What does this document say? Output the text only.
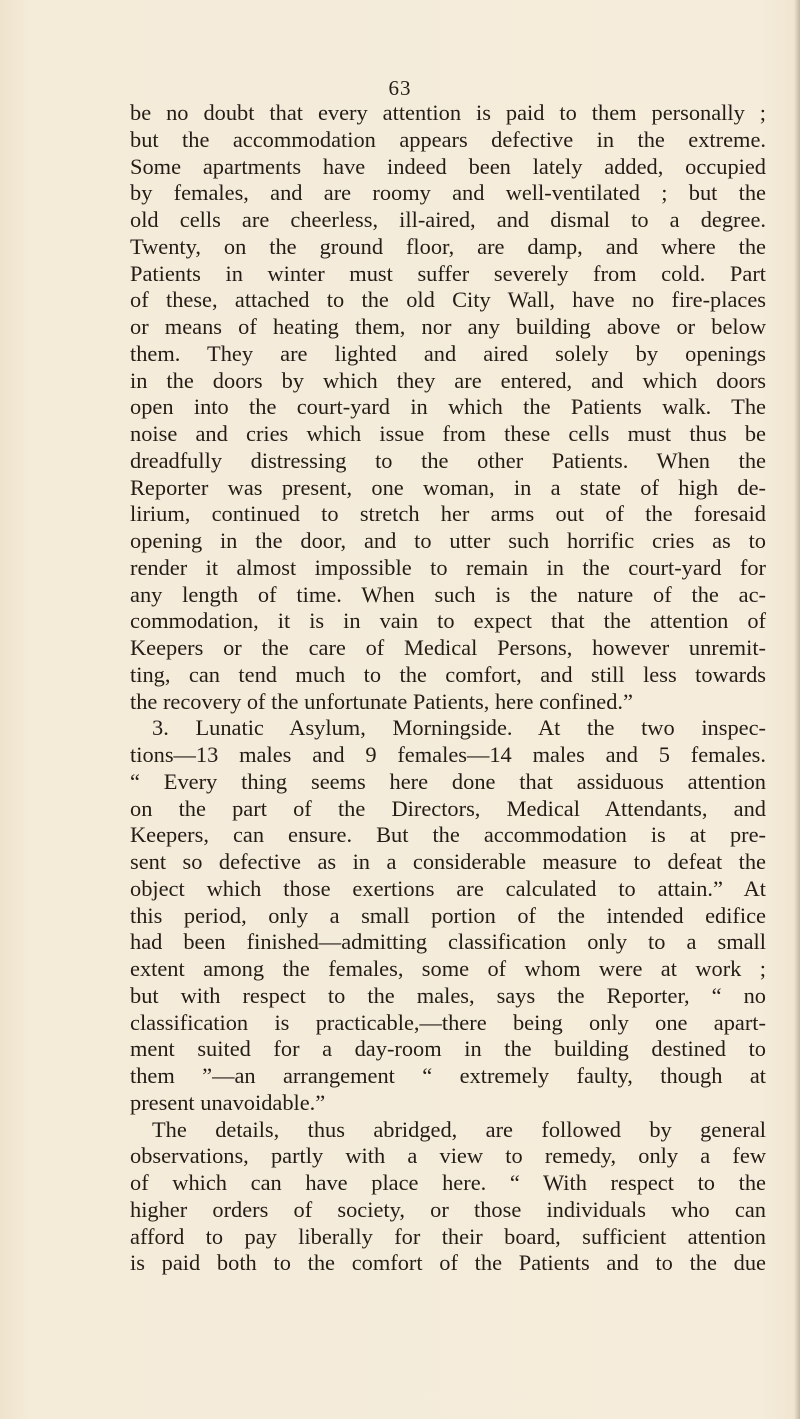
63
be no doubt that every attention is paid to them personally ;
but the accommodation appears defective in the extreme.
Some apartments have indeed been lately added, occupied
by females, and are roomy and well-ventilated ; but the
old cells are cheerless, ill-aired, and dismal to a degree.
Twenty, on the ground floor, are damp, and where the
Patients in winter must suffer severely from cold. Part
of these, attached to the old City Wall, have no fire-places
or means of heating them, nor any building above or below
them. They are lighted and aired solely by openings
in the doors by which they are entered, and which doors
open into the court-yard in which the Patients walk. The
noise and cries which issue from these cells must thus be
dreadfully distressing to the other Patients. When the
Reporter was present, one woman, in a state of high de-
lirium, continued to stretch her arms out of the foresaid
opening in the door, and to utter such horrific cries as to
render it almost impossible to remain in the court-yard for
any length of time. When such is the nature of the ac-
commodation, it is in vain to expect that the attention of
Keepers or the care of Medical Persons, however unremit-
ting, can tend much to the comfort, and still less towards
the recovery of the unfortunate Patients, here confined.”
3. Lunatic Asylum, Morningside. At the two inspec-
tions—13 males and 9 females—14 males and 5 females.
“ Every thing seems here done that assiduous attention
on the part of the Directors, Medical Attendants, and
Keepers, can ensure. But the accommodation is at pre-
sent so defective as in a considerable measure to defeat the
object which those exertions are calculated to attain.” At
this period, only a small portion of the intended edifice
had been finished—admitting classification only to a small
extent among the females, some of whom were at work ;
but with respect to the males, says the Reporter, “ no
classification is practicable,—there being only one apart-
ment suited for a day-room in the building destined to
them ”—an arrangement “ extremely faulty, though at
present unavoidable.”
The details, thus abridged, are followed by general
observations, partly with a view to remedy, only a few
of which can have place here. “ With respect to the
higher orders of society, or those individuals who can
afford to pay liberally for their board, sufficient attention
is paid both to the comfort of the Patients and to the due
